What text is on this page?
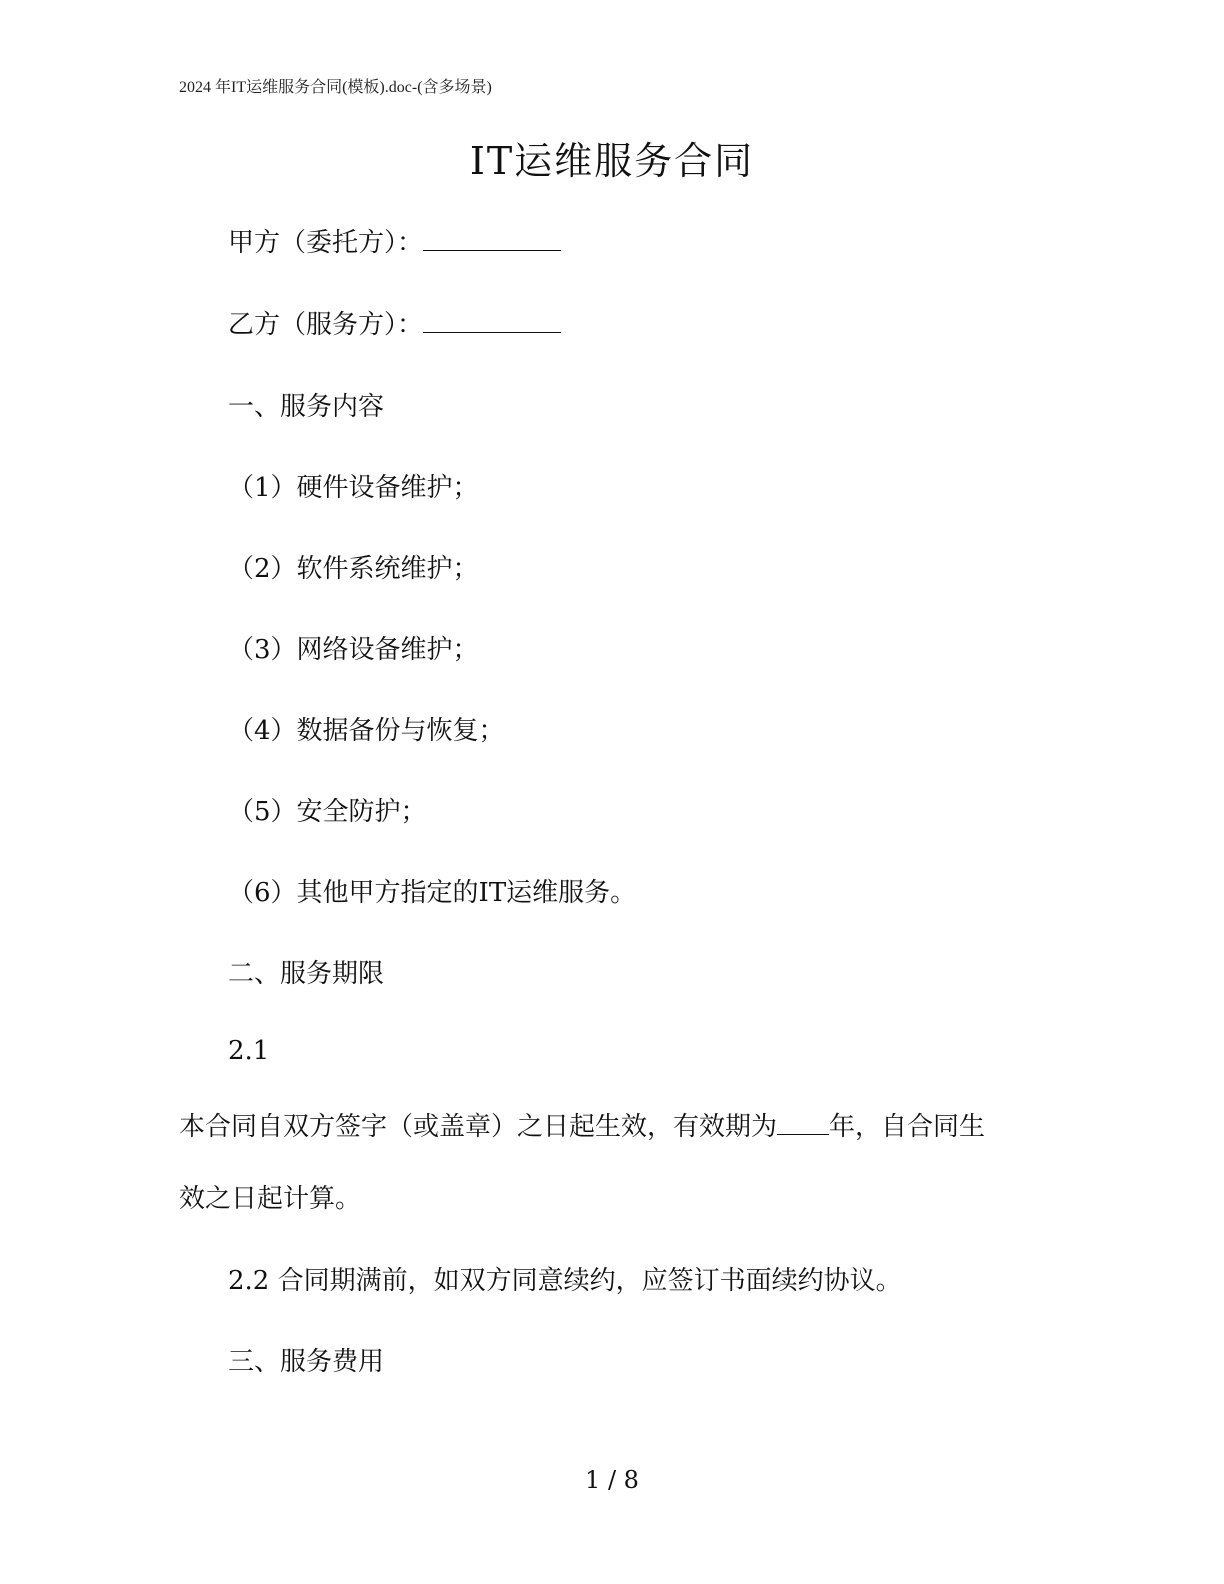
2024 年IT运维服务合同(模板).doc-(含多场景)
IT运维服务合同
甲方（委托方）：
乙方（服务方）：
一、服务内容
（1）硬件设备维护；
（2）软件系统维护；
（3）网络设备维护；
（4）数据备份与恢复；
（5）安全防护；
（6）其他甲方指定的IT运维服务。
二、服务期限
2.1
本合同自双方签字（或盖章）之日起生效，有效期为 年，自合同生
效之日起计算。
2.2 合同期满前，如双方同意续约，应签订书面续约协议。
三、服务费用
1 / 8
